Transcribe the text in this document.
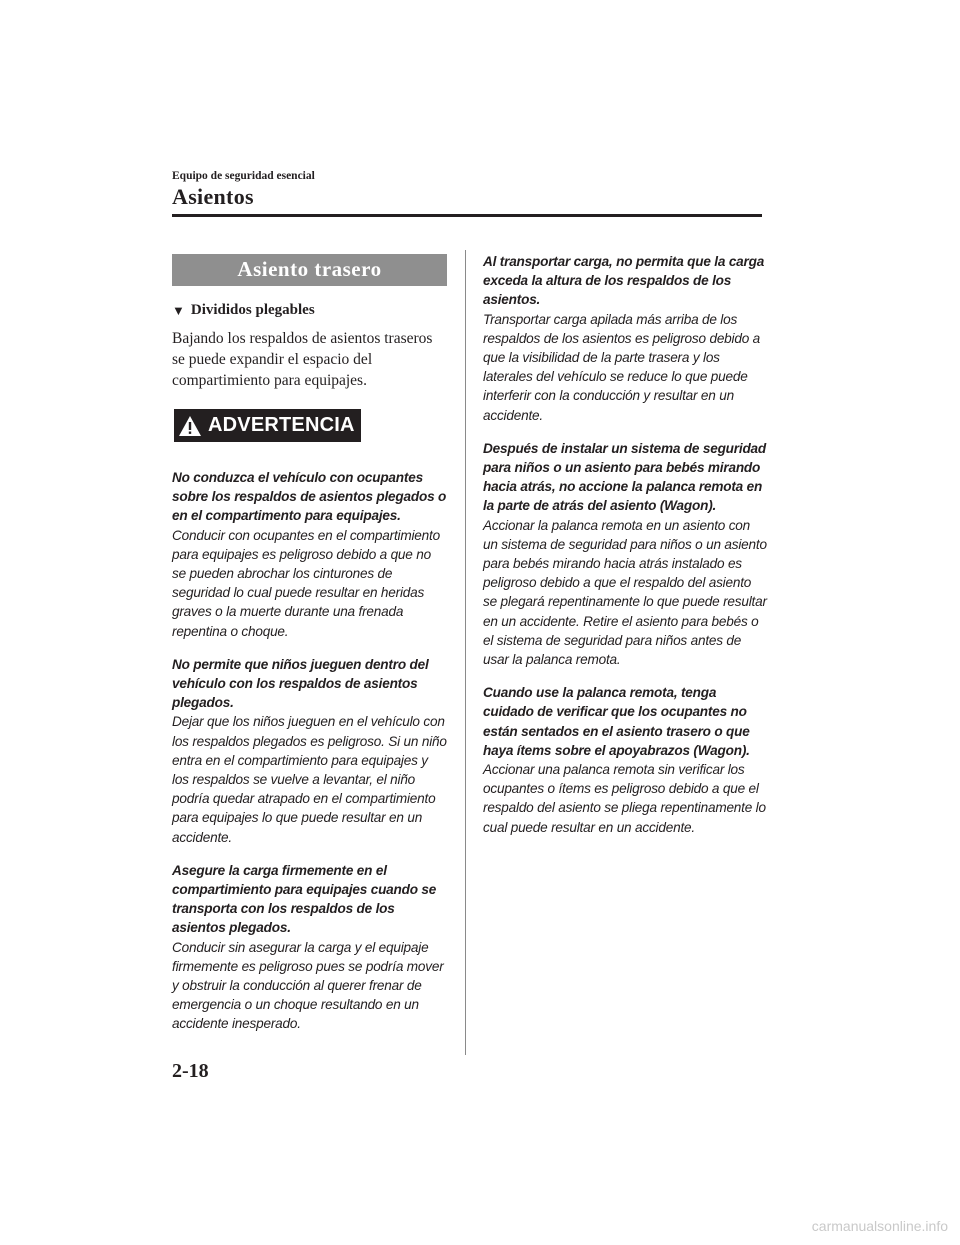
Equipo de seguridad esencial
Asientos
Asiento trasero
▼ Divididos plegables
Bajando los respaldos de asientos traseros se puede expandir el espacio del compartimiento para equipajes.
ADVERTENCIA
No conduzca el vehículo con ocupantes sobre los respaldos de asientos plegados o en el compartimento para equipajes.
Conducir con ocupantes en el compartimiento para equipajes es peligroso debido a que no se pueden abrochar los cinturones de seguridad lo cual puede resultar en heridas graves o la muerte durante una frenada repentina o choque.
No permite que niños jueguen dentro del vehículo con los respaldos de asientos plegados.
Dejar que los niños jueguen en el vehículo con los respaldos plegados es peligroso. Si un niño entra en el compartimiento para equipajes y los respaldos se vuelve a levantar, el niño podría quedar atrapado en el compartimiento para equipajes lo que puede resultar en un accidente.
Asegure la carga firmemente en el compartimiento para equipajes cuando se transporta con los respaldos de los asientos plegados.
Conducir sin asegurar la carga y el equipaje firmemente es peligroso pues se podría mover y obstruir la conducción al querer frenar de emergencia o un choque resultando en un accidente inesperado.
Al transportar carga, no permita que la carga exceda la altura de los respaldos de los asientos.
Transportar carga apilada más arriba de los respaldos de los asientos es peligroso debido a que la visibilidad de la parte trasera y los laterales del vehículo se reduce lo que puede interferir con la conducción y resultar en un accidente.
Después de instalar un sistema de seguridad para niños o un asiento para bebés mirando hacia atrás, no accione la palanca remota en la parte de atrás del asiento (Wagon).
Accionar la palanca remota en un asiento con un sistema de seguridad para niños o un asiento para bebés mirando hacia atrás instalado es peligroso debido a que el respaldo del asiento se plegará repentinamente lo que puede resultar en un accidente. Retire el asiento para bebés o el sistema de seguridad para niños antes de usar la palanca remota.
Cuando use la palanca remota, tenga cuidado de verificar que los ocupantes no están sentados en el asiento trasero o que haya ítems sobre el apoyabrazos (Wagon).
Accionar una palanca remota sin verificar los ocupantes o ítems es peligroso debido a que el respaldo del asiento se pliega repentinamente lo cual puede resultar en un accidente.
2-18
carmanualsonline.info
